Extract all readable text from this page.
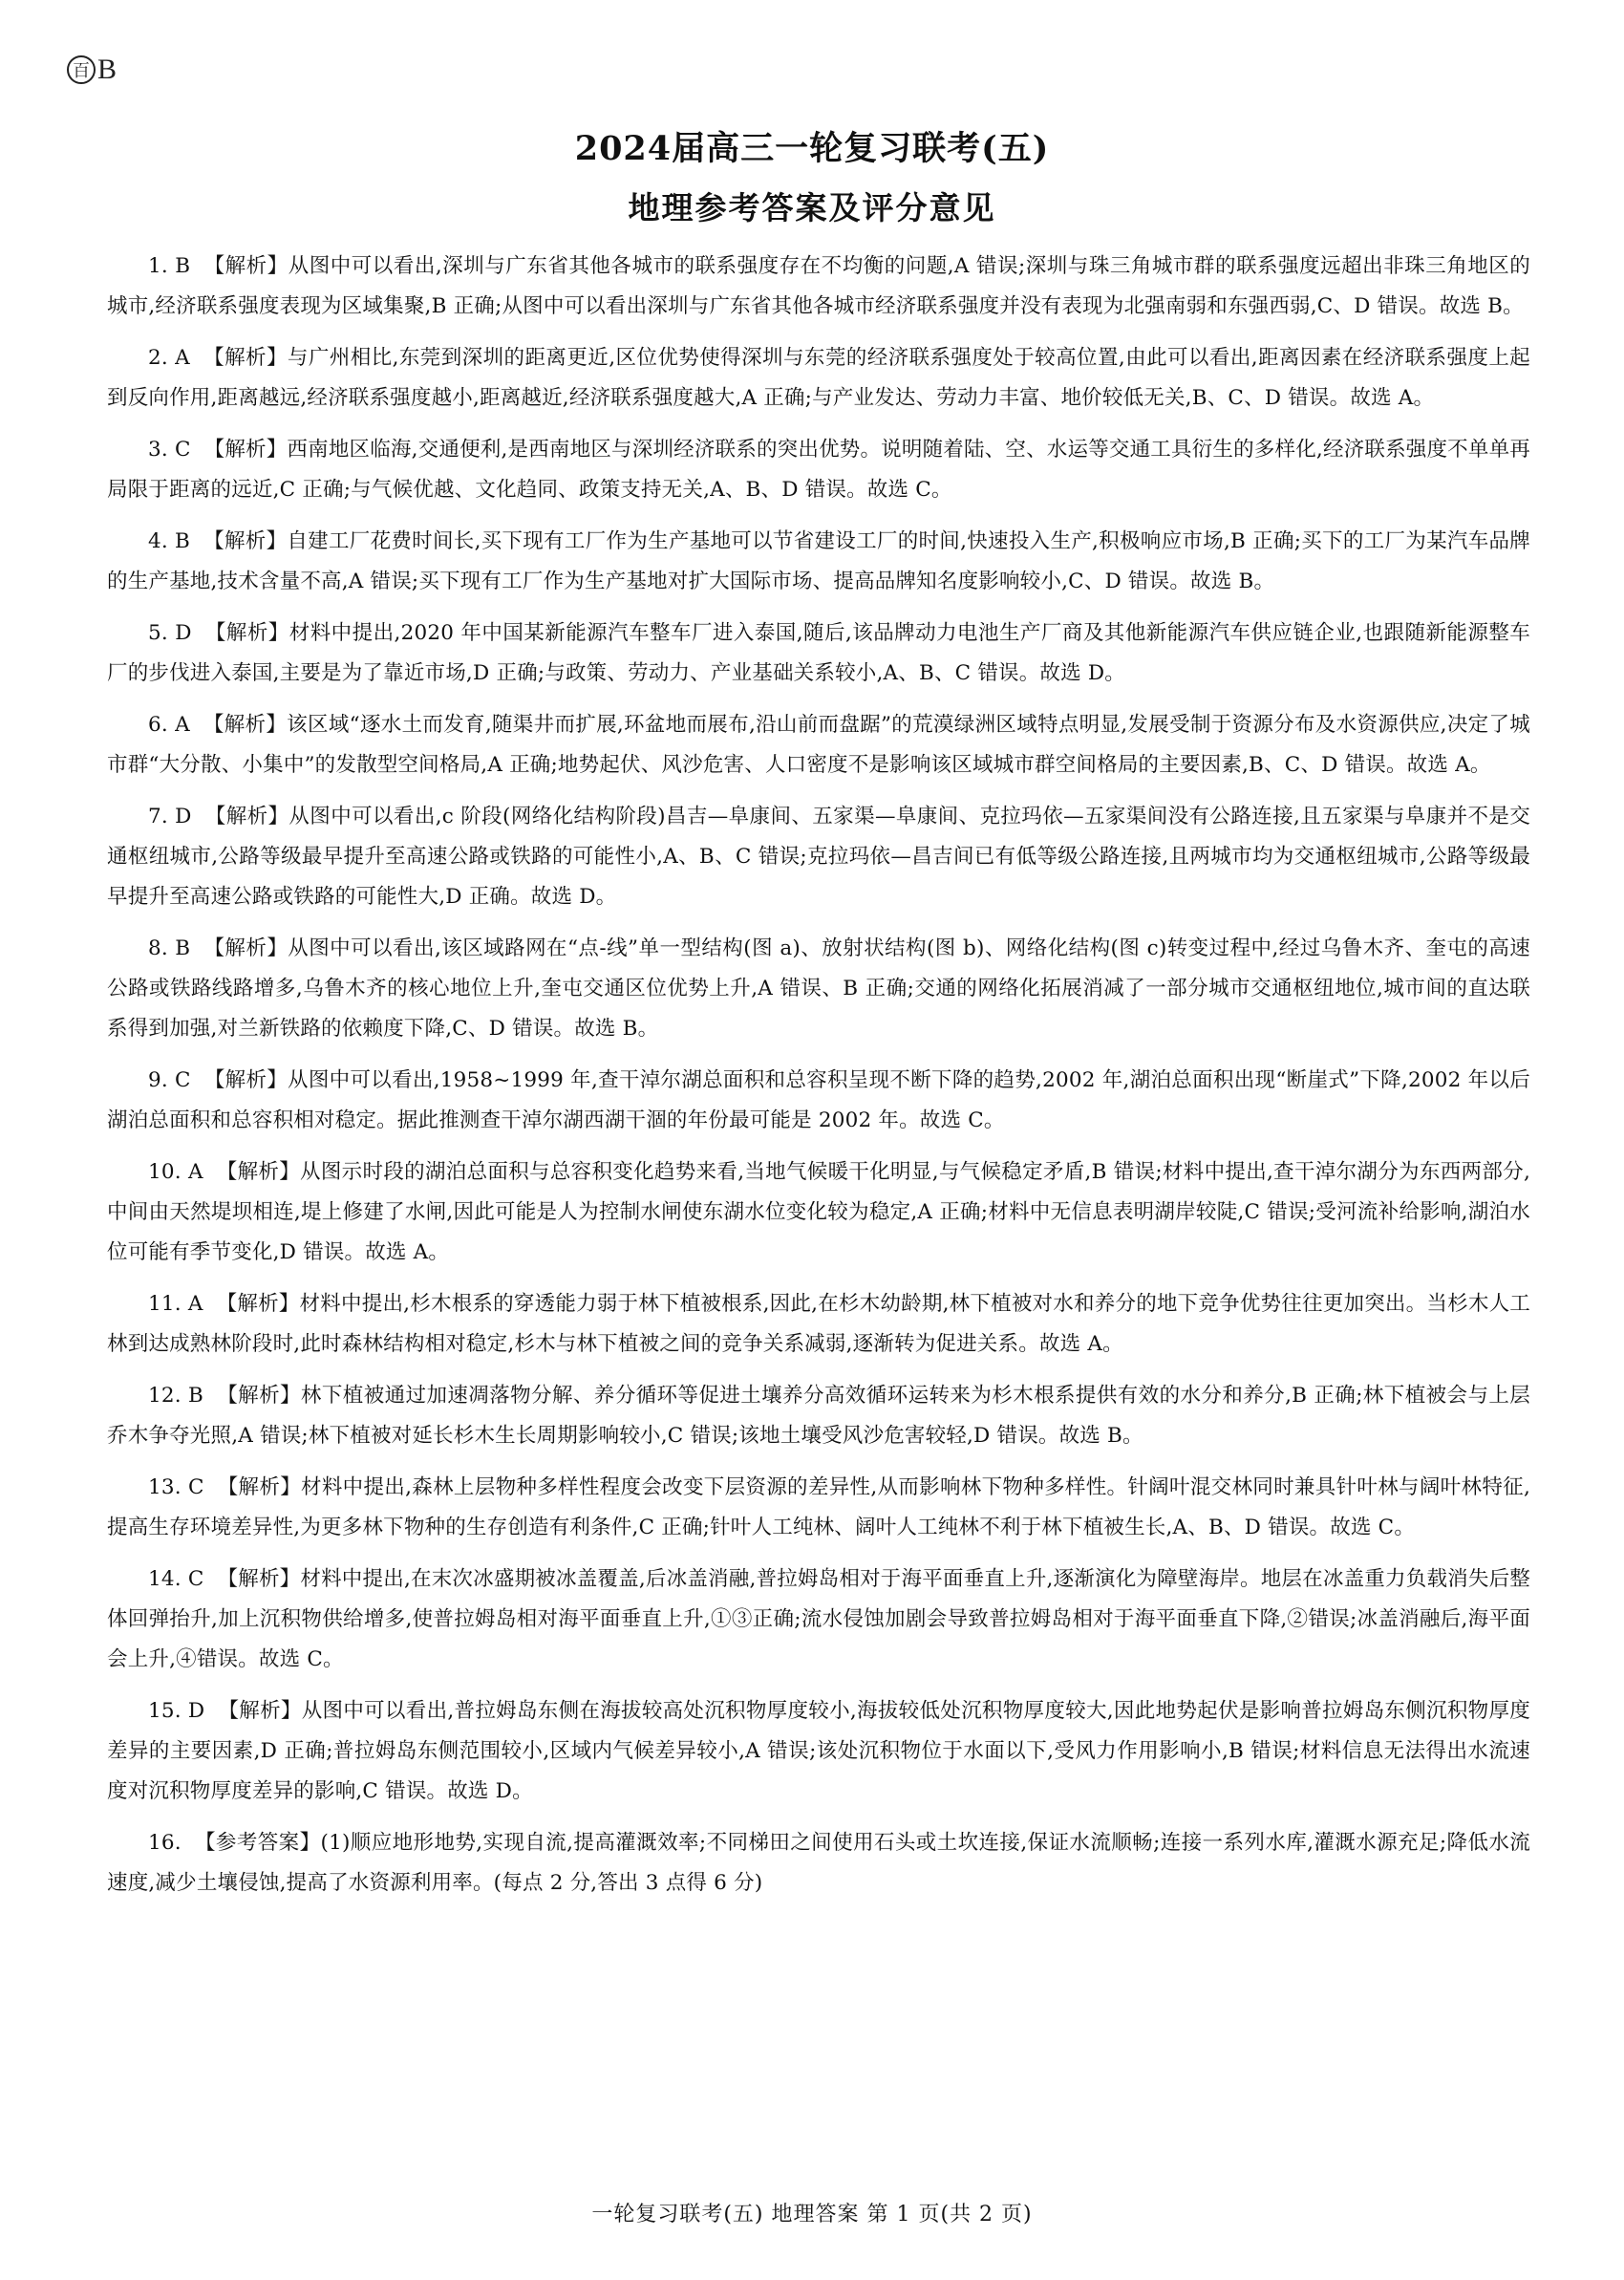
百 B
2024届高三一轮复习联考(五)
地理参考答案及评分意见

1. B 【解析】从图中可以看出,深圳与广东省其他各城市的联系强度存在不均衡的问题,A 错误;深圳与珠三角城市群的联系强度远超出非珠三角地区的城市,经济联系强度表现为区域集聚,B 正确;从图中可以看出深圳与广东省其他各城市经济联系强度并没有表现为北强南弱和东强西弱,C、D 错误。故选 B。

2. A 【解析】与广州相比,东莞到深圳的距离更近,区位优势使得深圳与东莞的经济联系强度处于较高位置,由此可以看出,距离因素在经济联系强度上起到反向作用,距离越远,经济联系强度越小,距离越近,经济联系强度越大,A 正确;与产业发达、劳动力丰富、地价较低无关,B、C、D 错误。故选 A。

3. C 【解析】西南地区临海,交通便利,是西南地区与深圳经济联系的突出优势。说明随着陆、空、水运等交通工具衍生的多样化,经济联系强度不单单再局限于距离的远近,C 正确;与气候优越、文化趋同、政策支持无关,A、B、D 错误。故选 C。

4. B 【解析】自建工厂花费时间长,买下现有工厂作为生产基地可以节省建设工厂的时间,快速投入生产,积极响应市场,B 正确;买下的工厂为某汽车品牌的生产基地,技术含量不高,A 错误;买下现有工厂作为生产基地对扩大国际市场、提高品牌知名度影响较小,C、D 错误。故选 B。

5. D 【解析】材料中提出,2020 年中国某新能源汽车整车厂进入泰国,随后,该品牌动力电池生产厂商及其他新能源汽车供应链企业,也跟随新能源整车厂的步伐进入泰国,主要是为了靠近市场,D 正确;与政策、劳动力、产业基础关系较小,A、B、C 错误。故选 D。

6. A 【解析】该区域“逐水土而发育,随渠井而扩展,环盆地而展布,沿山前而盘踞”的荒漠绿洲区域特点明显,发展受制于资源分布及水资源供应,决定了城市群“大分散、小集中”的发散型空间格局,A 正确;地势起伏、风沙危害、人口密度不是影响该区域城市群空间格局的主要因素,B、C、D 错误。故选 A。

7. D 【解析】从图中可以看出,c 阶段(网络化结构阶段)昌吉—阜康间、五家渠—阜康间、克拉玛依—五家渠间没有公路连接,且五家渠与阜康并不是交通枢纽城市,公路等级最早提升至高速公路或铁路的可能性小,A、B、C 错误;克拉玛依—昌吉间已有低等级公路连接,且两城市均为交通枢纽城市,公路等级最早提升至高速公路或铁路的可能性大,D 正确。故选 D。

8. B 【解析】从图中可以看出,该区域路网在“点-线”单一型结构(图 a)、放射状结构(图 b)、网络化结构(图 c)转变过程中,经过乌鲁木齐、奎屯的高速公路或铁路线路增多,乌鲁木齐的核心地位上升,奎屯交通区位优势上升,A 错误、B 正确;交通的网络化拓展消减了一部分城市交通枢纽地位,城市间的直达联系得到加强,对兰新铁路的依赖度下降,C、D 错误。故选 B。

9. C 【解析】从图中可以看出,1958~1999 年,查干淖尔湖总面积和总容积呈现不断下降的趋势,2002 年,湖泊总面积出现“断崖式”下降,2002 年以后湖泊总面积和总容积相对稳定。据此推测查干淖尔湖西湖干涸的年份最可能是 2002 年。故选 C。

10. A 【解析】从图示时段的湖泊总面积与总容积变化趋势来看,当地气候暖干化明显,与气候稳定矛盾,B 错误;材料中提出,查干淖尔湖分为东西两部分,中间由天然堤坝相连,堤上修建了水闸,因此可能是人为控制水闸使东湖水位变化较为稳定,A 正确;材料中无信息表明湖岸较陡,C 错误;受河流补给影响,湖泊水位可能有季节变化,D 错误。故选 A。

11. A 【解析】材料中提出,杉木根系的穿透能力弱于林下植被根系,因此,在杉木幼龄期,林下植被对水和养分的地下竞争优势往往更加突出。当杉木人工林到达成熟林阶段时,此时森林结构相对稳定,杉木与林下植被之间的竞争关系减弱,逐渐转为促进关系。故选 A。

12. B 【解析】林下植被通过加速凋落物分解、养分循环等促进土壤养分高效循环运转来为杉木根系提供有效的水分和养分,B 正确;林下植被会与上层乔木争夺光照,A 错误;林下植被对延长杉木生长周期影响较小,C 错误;该地土壤受风沙危害较轻,D 错误。故选 B。

13. C 【解析】材料中提出,森林上层物种多样性程度会改变下层资源的差异性,从而影响林下物种多样性。针阔叶混交林同时兼具针叶林与阔叶林特征,提高生存环境差异性,为更多林下物种的生存创造有利条件,C 正确;针叶人工纯林、阔叶人工纯林不利于林下植被生长,A、B、D 错误。故选 C。

14. C 【解析】材料中提出,在末次冰盛期被冰盖覆盖,后冰盖消融,普拉姆岛相对于海平面垂直上升,逐渐演化为障壁海岸。地层在冰盖重力负载消失后整体回弹抬升,加上沉积物供给增多,使普拉姆岛相对海平面垂直上升,①③正确;流水侵蚀加剧会导致普拉姆岛相对于海平面垂直下降,②错误;冰盖消融后,海平面会上升,④错误。故选 C。

15. D 【解析】从图中可以看出,普拉姆岛东侧在海拔较高处沉积物厚度较小,海拔较低处沉积物厚度较大,因此地势起伏是影响普拉姆岛东侧沉积物厚度差异的主要因素,D 正确;普拉姆岛东侧范围较小,区域内气候差异较小,A 错误;该处沉积物位于水面以下,受风力作用影响小,B 错误;材料信息无法得出水流速度对沉积物厚度差异的影响,C 错误。故选 D。

16. 【参考答案】(1)顺应地形地势,实现自流,提高灌溉效率;不同梯田之间使用石头或土坎连接,保证水流顺畅;连接一系列水库,灌溉水源充足;降低水流速度,减少土壤侵蚀,提高了水资源利用率。(每点 2 分,答出 3 点得 6 分)

一轮复习联考(五) 地理答案 第 1 页(共 2 页)
